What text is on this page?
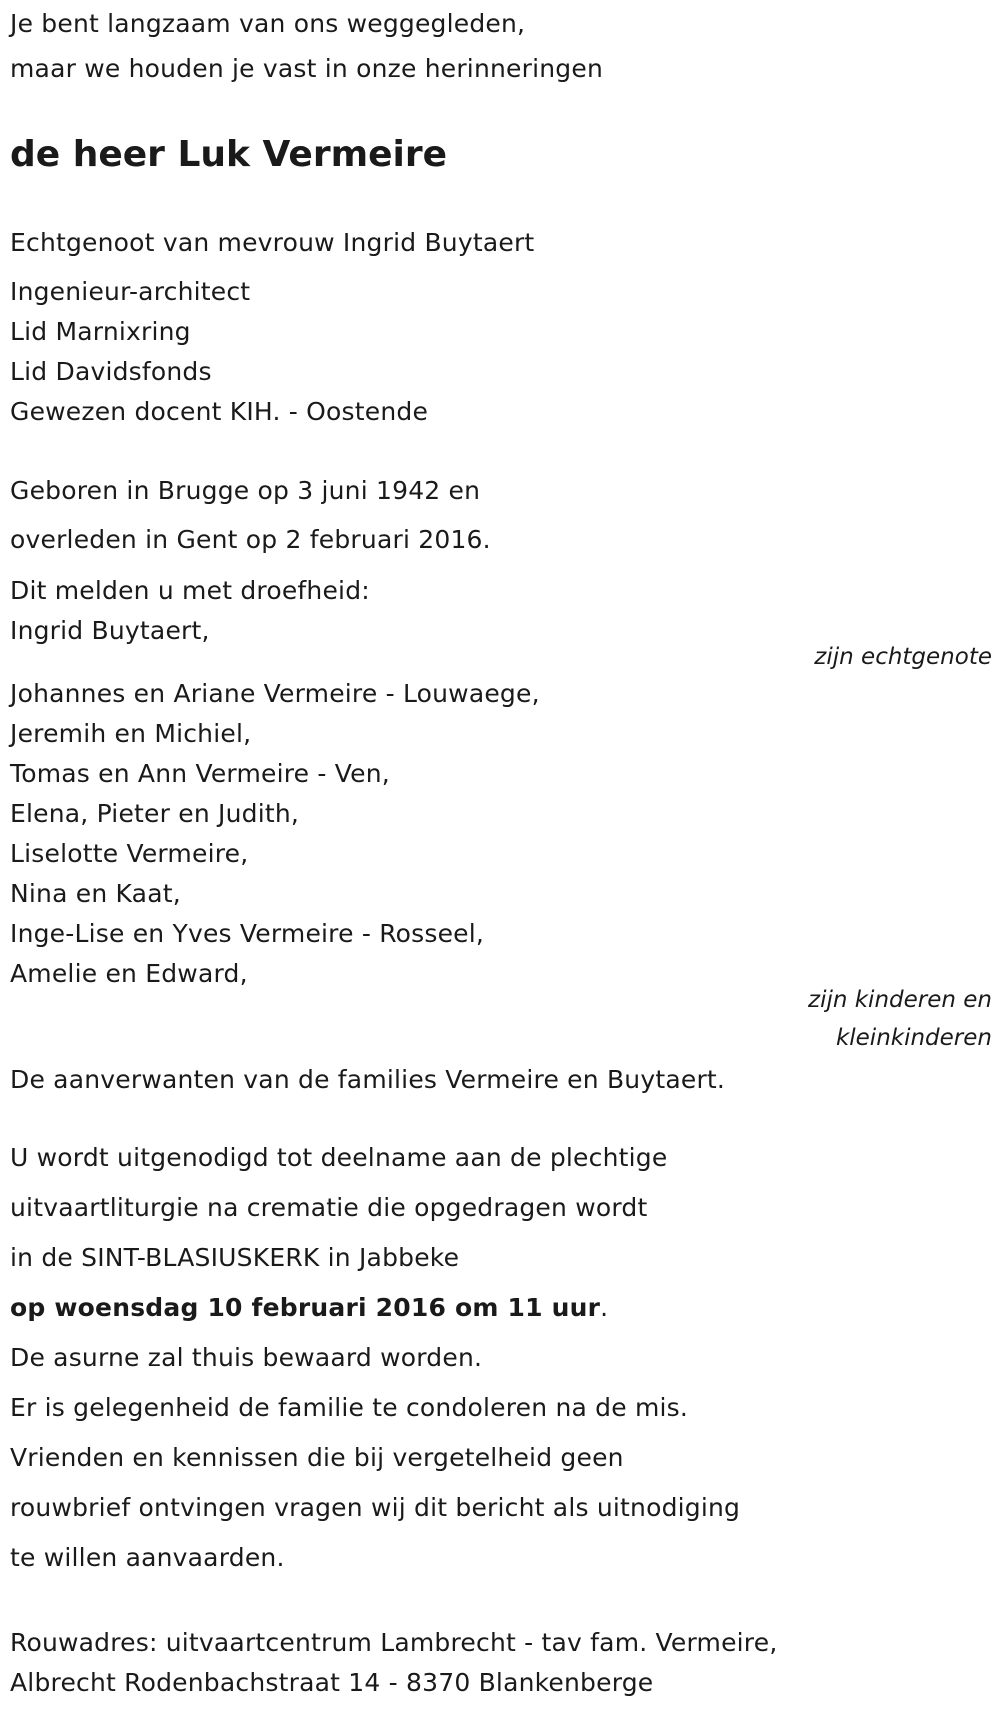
Je bent langzaam van ons weggegleden,
maar we houden je vast in onze herinneringen
de heer Luk Vermeire
Echtgenoot van mevrouw Ingrid Buytaert
Ingenieur-architect
Lid Marnixring
Lid Davidsfonds
Gewezen docent KIH. - Oostende
Geboren in Brugge op 3 juni 1942 en
overleden in Gent op 2 februari 2016.
Dit melden u met droefheid:
Ingrid Buytaert,
zijn echtgenote
Johannes en Ariane Vermeire - Louwaege,
Jeremih en Michiel,
Tomas en Ann Vermeire - Ven,
Elena, Pieter en Judith,
Liselotte Vermeire,
Nina en Kaat,
Inge-Lise en Yves Vermeire - Rosseel,
Amelie en Edward,
zijn kinderen en
kleinkinderen
De aanverwanten van de families Vermeire en Buytaert.
U wordt uitgenodigd tot deelname aan de plechtige
uitvaartliturgie na crematie die opgedragen wordt
in de SINT-BLASIUSKERK in Jabbeke
op woensdag 10 februari 2016 om 11 uur.
De asurne zal thuis bewaard worden.
Er is gelegenheid de familie te condoleren na de mis.
Vrienden en kennissen die bij vergetelheid geen
rouwbrief ontvingen vragen wij dit bericht als uitnodiging
te willen aanvaarden.
Rouwadres: uitvaartcentrum Lambrecht - tav fam. Vermeire,
Albrecht Rodenbachstraat 14 - 8370 Blankenberge
